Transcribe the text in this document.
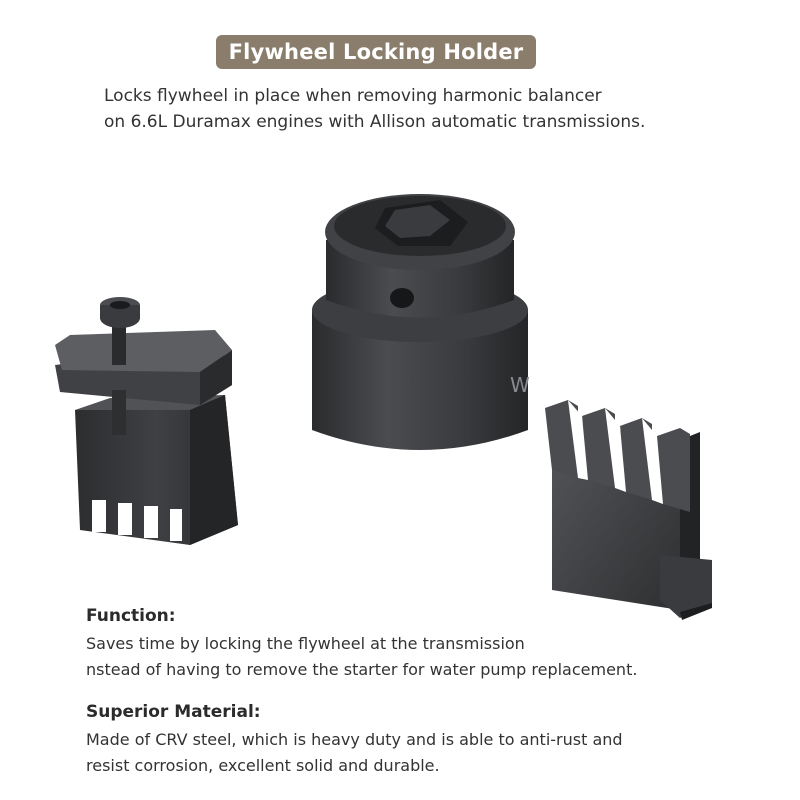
Flywheel Locking Holder
Locks flywheel in place when removing harmonic balancer
on 6.6L Duramax engines with Allison automatic transmissions.
W
Function:

Saves time by locking the flywheel at the transmission
nstead of having to remove the starter for water pump replacement.

Superior Material:

Made of CRV steel, which is heavy duty and is able to anti-rust and
resist corrosion, excellent solid and durable.
